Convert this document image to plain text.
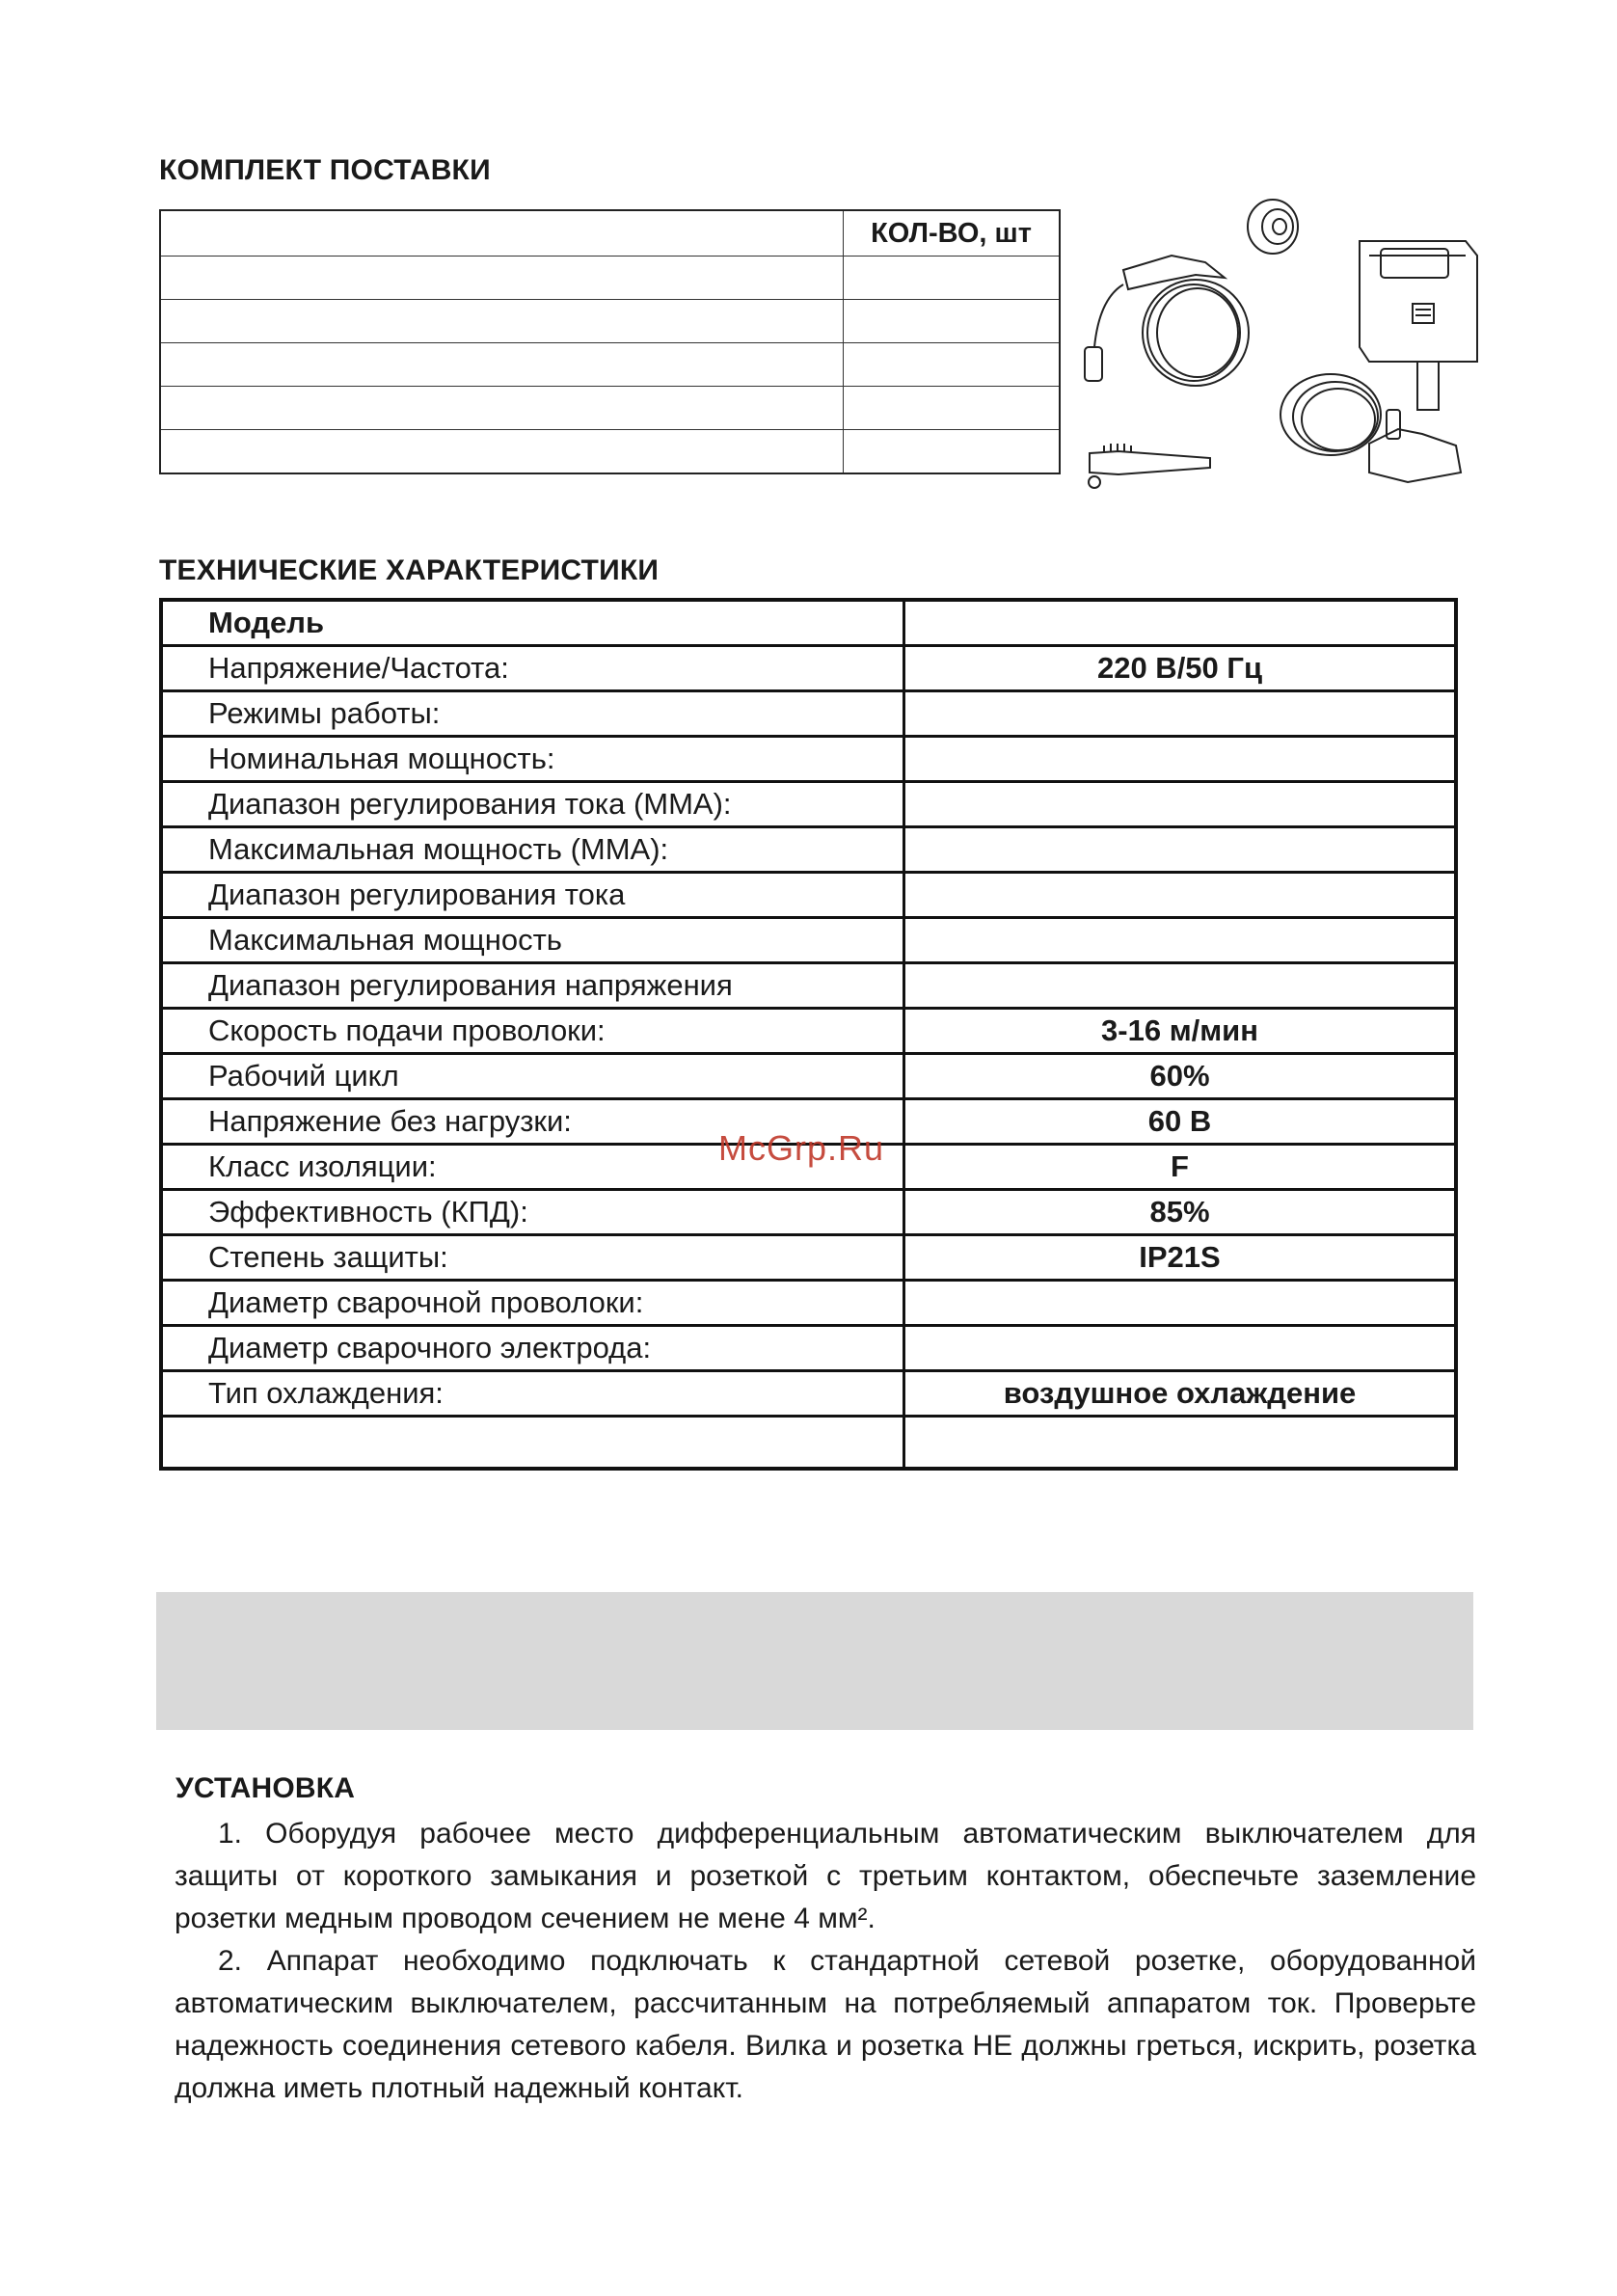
КОМПЛЕКТ ПОСТАВКИ
	КОЛ-ВО, шт

ТЕХНИЧЕСКИЕ ХАРАКТЕРИСТИКИ
Модель	
Напряжение/Частота:	220 В/50 Гц
Режимы работы:	
Номинальная мощность:	
Диапазон регулирования тока (ММА):	
Максимальная мощность (ММА):	
Диапазон регулирования тока	
Максимальная мощность	
Диапазон регулирования напряжения	
Скорость подачи проволоки:	3-16 м/мин
Рабочий цикл	60%
Напряжение без нагрузки:	60 В
Класс изоляции:	F
Эффективность (КПД):	85%
Степень защиты:	IP21S
Диаметр сварочной проволоки:	
Диаметр сварочного электрода:	
Тип охлаждения:	воздушное охлаждение

McGrp.Ru
УСТАНОВКА
1. Оборудуя рабочее место дифференциальным автоматическим выключателем для защиты от короткого замыкания и розеткой с третьим контактом, обеспечьте заземление розетки медным проводом сечением не мене 4 мм².
2. Аппарат необходимо подключать к стандартной сетевой розетке, оборудованной автоматическим выключателем, рассчитанным на потребляемый аппаратом ток. Проверьте надежность соединения сетевого кабеля. Вилка и розетка НЕ должны греться, искрить, розетка должна иметь плотный надежный контакт.
